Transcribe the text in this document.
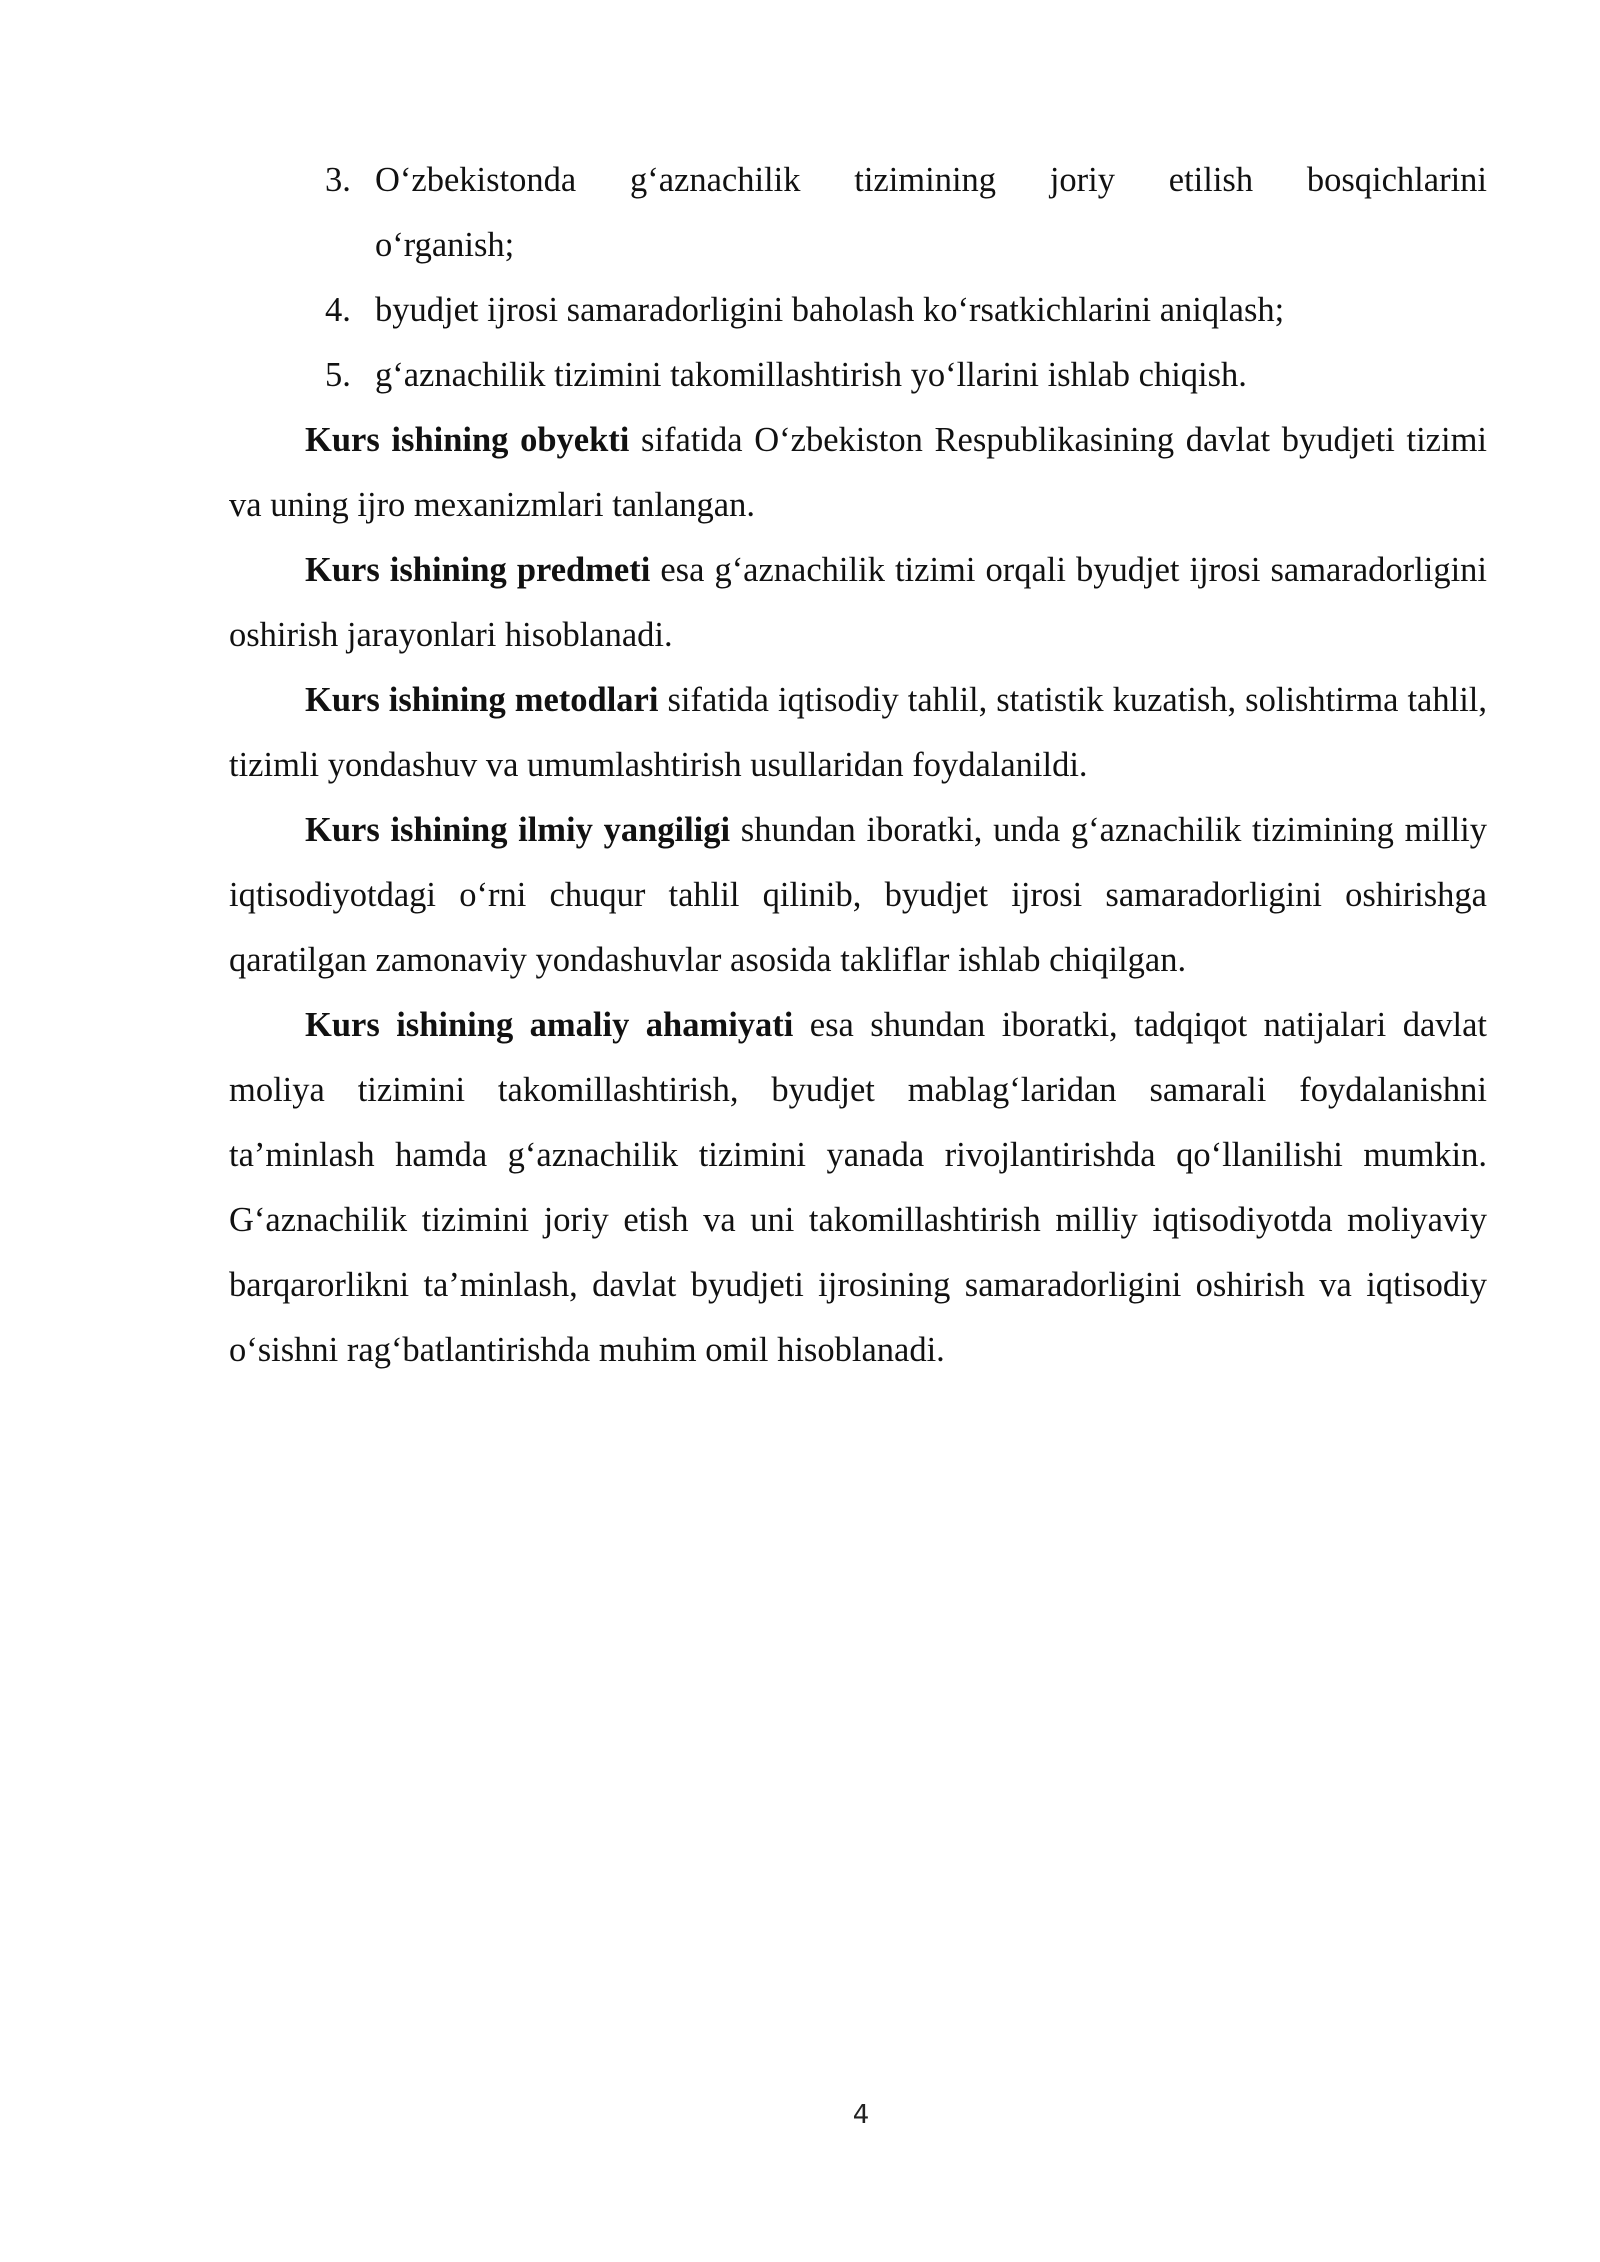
3. O‘zbekistonda g‘aznachilik tizimining joriy etilish bosqichlarini
o‘rganish;
4. byudjet ijrosi samaradorligini baholash ko‘rsatkichlarini aniqlash;
5. g‘aznachilik tizimini takomillashtirish yo‘llarini ishlab chiqish.

Kurs ishining obyekti sifatida O‘zbekiston Respublikasining davlat byudjeti tizimi va uning ijro mexanizmlari tanlangan.

Kurs ishining predmeti esa g‘aznachilik tizimi orqali byudjet ijrosi samaradorligini oshirish jarayonlari hisoblanadi.

Kurs ishining metodlari sifatida iqtisodiy tahlil, statistik kuzatish, solishtirma tahlil, tizimli yondashuv va umumlashtirish usullaridan foydalanildi.

Kurs ishining ilmiy yangiligi shundan iboratki, unda g‘aznachilik tizimining milliy iqtisodiyotdagi o‘rni chuqur tahlil qilinib, byudjet ijrosi samaradorligini oshirishga qaratilgan zamonaviy yondashuvlar asosida takliflar ishlab chiqilgan.

Kurs ishining amaliy ahamiyati esa shundan iboratki, tadqiqot natijalari davlat moliya tizimini takomillashtirish, byudjet mablag‘laridan samarali foydalanishni ta’minlash hamda g‘aznachilik tizimini yanada rivojlantirishda qo‘llanilishi mumkin. G‘aznachilik tizimini joriy etish va uni takomillashtirish milliy iqtisodiyotda moliyaviy barqarorlikni ta’minlash, davlat byudjeti ijrosining samaradorligini oshirish va iqtisodiy o‘sishni rag‘batlantirishda muhim omil hisoblanadi.

4
